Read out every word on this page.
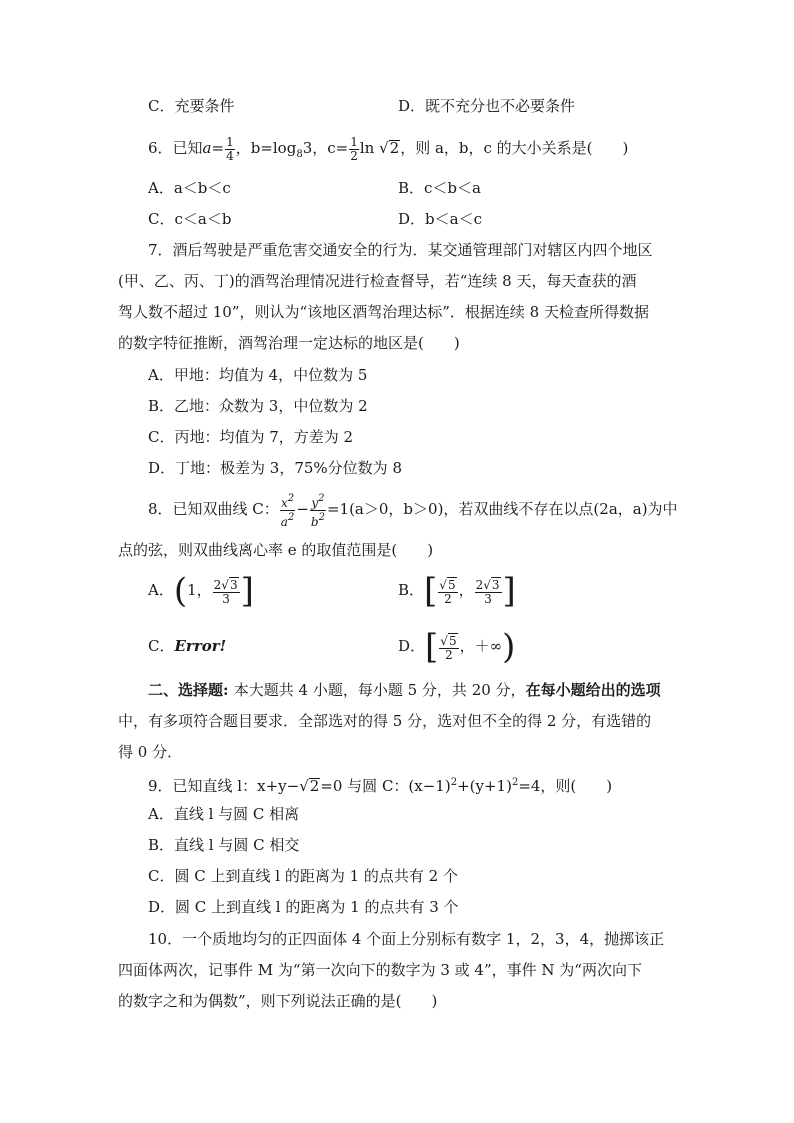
C．充要条件	D．既不充分也不必要条件
6．已知$a= \frac{1}{4}$ ，$b=\log_83$，$c= \frac{1}{2}$ ln √2，则 a，b，c 的大小关系是(　　)
A．a＜b＜c	B．c＜b＜a
C．c＜a＜b	D．b＜a＜c
7．酒后驾驶是严重危害交通安全的行为．某交通管理部门对辖区内四个地区
(甲、乙、丙、丁)的酒驾治理情况进行检查督导，若“连续 8 天，每天查获的酒
驾人数不超过 10”，则认为“该地区酒驾治理达标”．根据连续 8 天检查所得数据
的数字特征推断，酒驾治理一定达标的地区是(　　)
A．甲地：均值为 4，中位数为 5
B．乙地：众数为 3，中位数为 2
C．丙地：均值为 7，方差为 2
D．丁地：极差为 3，75%分位数为 8
8．已知双曲线 C： $\frac{x^2}{a^2} - \frac{y^2}{b^2} =1(a>0$，b＞0)，若双曲线不存在以点(2a，a)为中
点的弦，则双曲线离心率 e 的取值范围是(　　)
A．(1， $\frac{2√3}{3}$ ]	B．[ $\frac{√5}{2}$ ， $\frac{2√3}{3}$ ]
C．Error!	D．[ $\frac{√5}{2}$ ，＋∞)
二、选择题: 本大题共 4 小题，每小题 5 分，共 20 分，在每小题给出的选项
中，有多项符合题目要求．全部选对的得 5 分，选对但不全的得 2 分，有选错的
得 0 分．
9．已知直线 l：x+y−√2=0 与圆 C：$(x-1)^2+(y+1)^2=4$，则(　　)
A．直线 l 与圆 C 相离
B．直线 l 与圆 C 相交
C．圆 C 上到直线 l 的距离为 1 的点共有 2 个
D．圆 C 上到直线 l 的距离为 1 的点共有 3 个
10．一个质地均匀的正四面体 4 个面上分别标有数字 1，2，3，4，抛掷该正
四面体两次，记事件 M 为“第一次向下的数字为 3 或 4”，事件 N 为“两次向下
的数字之和为偶数”，则下列说法正确的是(　　)
